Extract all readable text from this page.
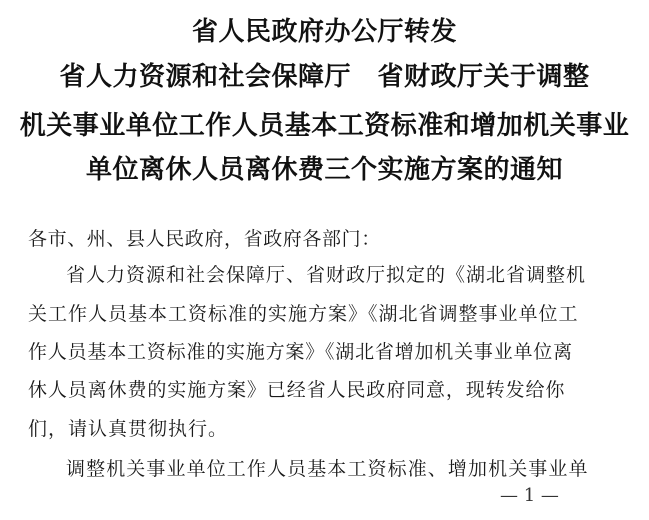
省人民政府办公厅转发
省人力资源和社会保障厅　省财政厅关于调整
机关事业单位工作人员基本工资标准和增加机关事业
单位离休人员离休费三个实施方案的通知
各市、州、县人民政府，省政府各部门：
省人力资源和社会保障厅、省财政厅拟定的《湖北省调整机
关工作人员基本工资标准的实施方案》《湖北省调整事业单位工
作人员基本工资标准的实施方案》《湖北省增加机关事业单位离
休人员离休费的实施方案》已经省人民政府同意，现转发给你
们，请认真贯彻执行。
调整机关事业单位工作人员基本工资标准、增加机关事业单
— 1 —
